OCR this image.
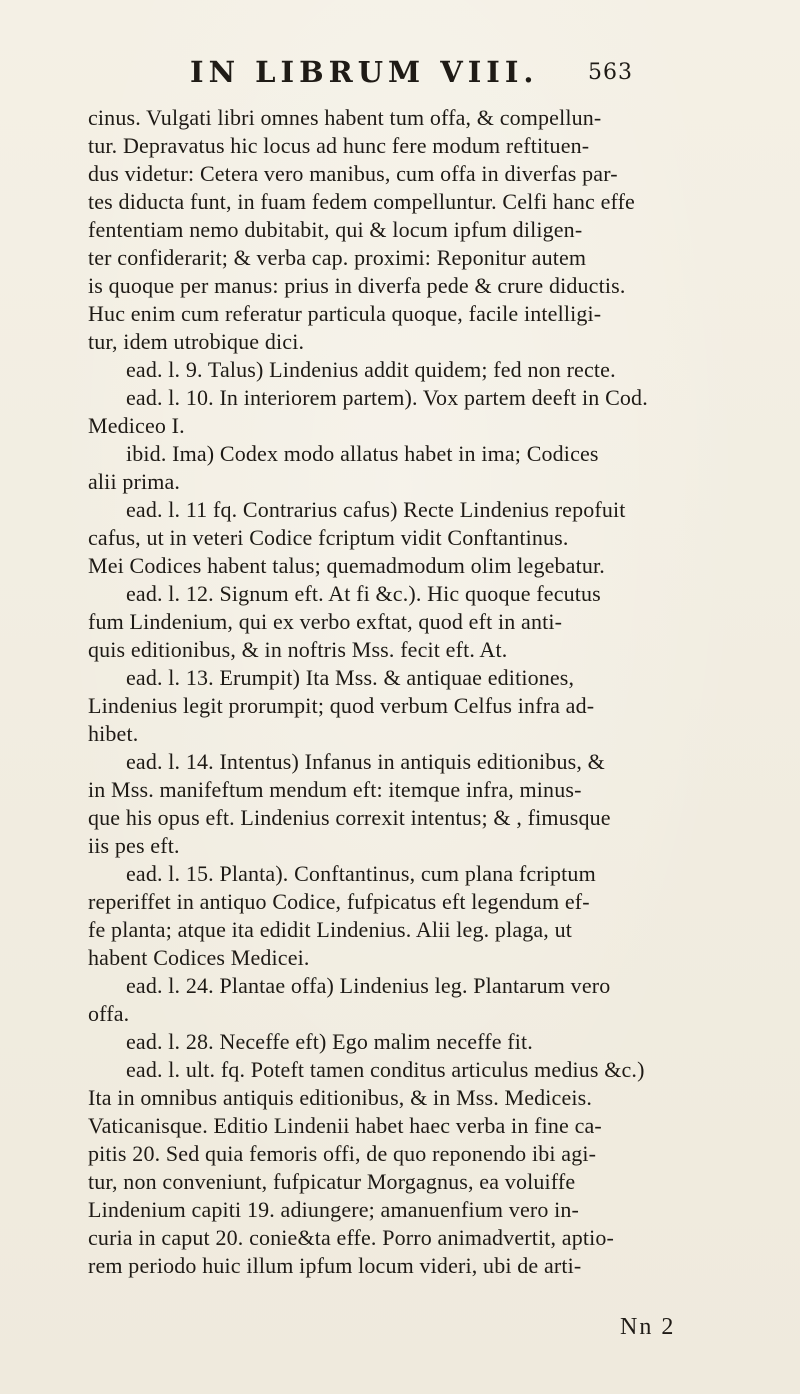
IN LIBRUM VIII. 563
cinus. Vulgati libri omnes habent tum offa, & compellun-
tur. Depravatus hic locus ad hunc fere modum reftituen-
dus videtur: Cetera vero manibus, cum offa in diverfas par-
tes diducta funt, in fuam fedem compelluntur. Celfi hanc effe
fententiam nemo dubitabit, qui & locum ipfum diligen-
ter confiderarit; & verba cap. proximi: Reponitur autem
is quoque per manus: prius in diverfa pede & crure diductis.
Huc enim cum referatur particula quoque, facile intelligi-
tur, idem utrobique dici.
ead. l. 9. Talus) Lindenius addit quidem; fed non recte.
ead. l. 10. In interiorem partem). Vox partem deeft in Cod.
Mediceo I.
ibid. Ima) Codex modo allatus habet in ima; Codices
alii prima.
ead. l. 11 fq. Contrarius cafus) Recte Lindenius repofuit
cafus, ut in veteri Codice fcriptum vidit Conftantinus.
Mei Codices habent talus; quemadmodum olim legebatur.
ead. l. 12. Signum eft. At fi &c.). Hic quoque fecutus
fum Lindenium, qui ex verbo exftat, quod eft in anti-
quis editionibus, & in noftris Mss. fecit eft. At.
ead. l. 13. Erumpit) Ita Mss. & antiquae editiones,
Lindenius legit prorumpit; quod verbum Celfus infra ad-
hibet.
ead. l. 14. Intentus) Infanus in antiquis editionibus, &
in Mss. manifeftum mendum eft: itemque infra, minus-
que his opus eft. Lindenius correxit intentus; & , fimusque
iis pes eft.
ead. l. 15. Planta). Conftantinus, cum plana fcriptum
reperiffet in antiquo Codice, fufpicatus eft legendum ef-
fe planta; atque ita edidit Lindenius. Alii leg. plaga, ut
habent Codices Medicei.
ead. l. 24. Plantae offa) Lindenius leg. Plantarum vero
offa.
ead. l. 28. Neceffe eft) Ego malim neceffe fit.
ead. l. ult. fq. Poteft tamen conditus articulus medius &c.)
Ita in omnibus antiquis editionibus, & in Mss. Mediceis.
Vaticanisque. Editio Lindenii habet haec verba in fine ca-
pitis 20. Sed quia femoris offi, de quo reponendo ibi agi-
tur, non conveniunt, fufpicatur Morgagnus, ea voluiffe
Lindenium capiti 19. adiungere; amanuenfium vero in-
curia in caput 20. conie&ta effe. Porro animadvertit, aptio-
rem periodo huic illum ipfum locum videri, ubi de arti-
Nn 2
